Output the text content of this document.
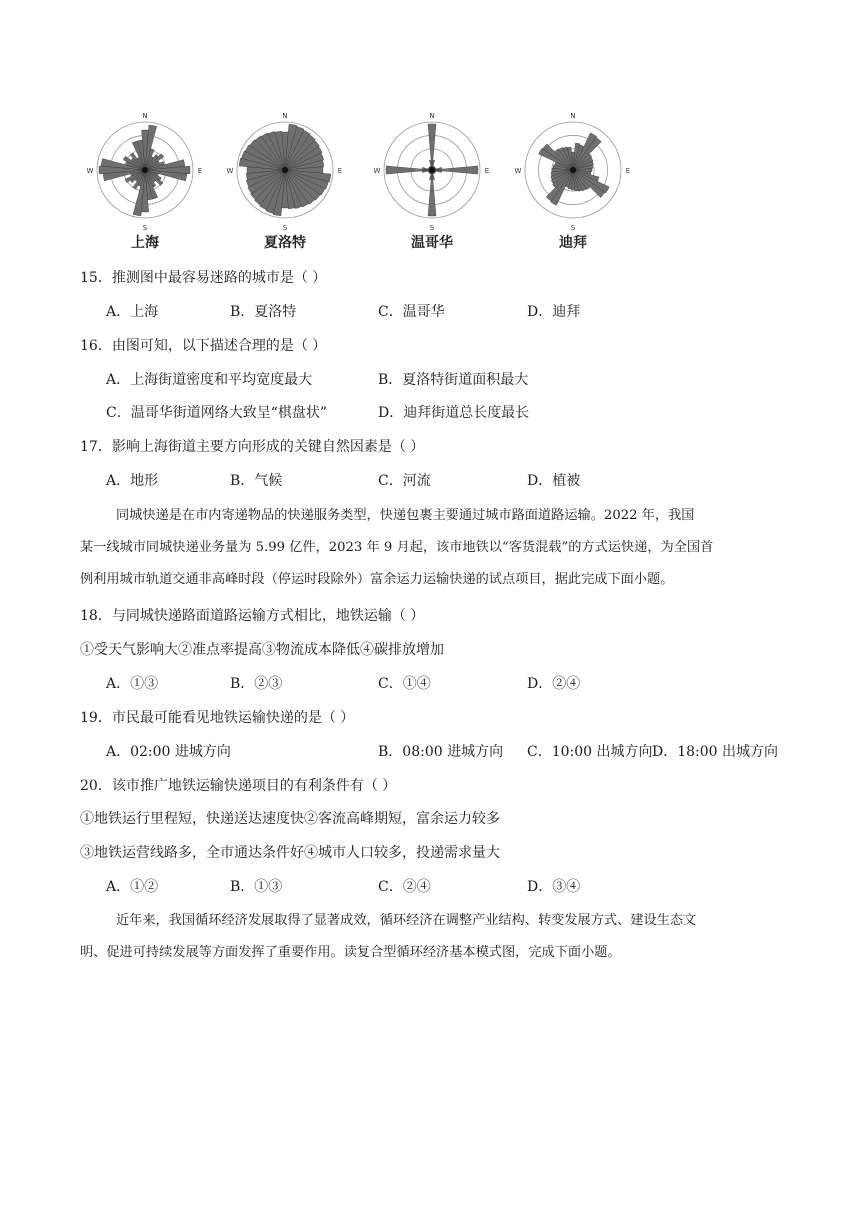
N
E
S
W
上海
N
E
S
W
夏洛特
N
E
S
W
温哥华
N
E
S
W
迪拜
15．推测图中最容易迷路的城市是（ ）
A．上海	B．夏洛特	C．温哥华	D．迪拜
16．由图可知，以下描述合理的是（ ）
A．上海街道密度和平均宽度最大	B．夏洛特街道面积最大
C．温哥华街道网络大致呈“棋盘状”	D．迪拜街道总长度最长
17．影响上海街道主要方向形成的关键自然因素是（ ）
A．地形	B．气候	C．河流	D．植被
同城快递是在市内寄递物品的快递服务类型，快递包裹主要通过城市路面道路运输。2022 年，我国
某一线城市同城快递业务量为 5.99 亿件，2023 年 9 月起，该市地铁以“客货混载”的方式运快递，为全国首
例利用城市轨道交通非高峰时段（停运时段除外）富余运力运输快递的试点项目，据此完成下面小题。
18．与同城快递路面道路运输方式相比，地铁运输（ ）
①受天气影响大②准点率提高③物流成本降低④碳排放增加
A．①③	B．②③	C．①④	D．②④
19．市民最可能看见地铁运输快递的是（ ）
A．02:00 进城方向	B．08:00 进城方向 C．10:00 出城方向 D．18:00 出城方向
20．该市推广地铁运输快递项目的有利条件有（ ）
①地铁运行里程短，快递送达速度快②客流高峰期短，富余运力较多
③地铁运营线路多，全市通达条件好④城市人口较多，投递需求量大
A．①②	B．①③	C．②④	D．③④
近年来，我国循环经济发展取得了显著成效，循环经济在调整产业结构、转变发展方式、建设生态文
明、促进可持续发展等方面发挥了重要作用。读复合型循环经济基本模式图，完成下面小题。
